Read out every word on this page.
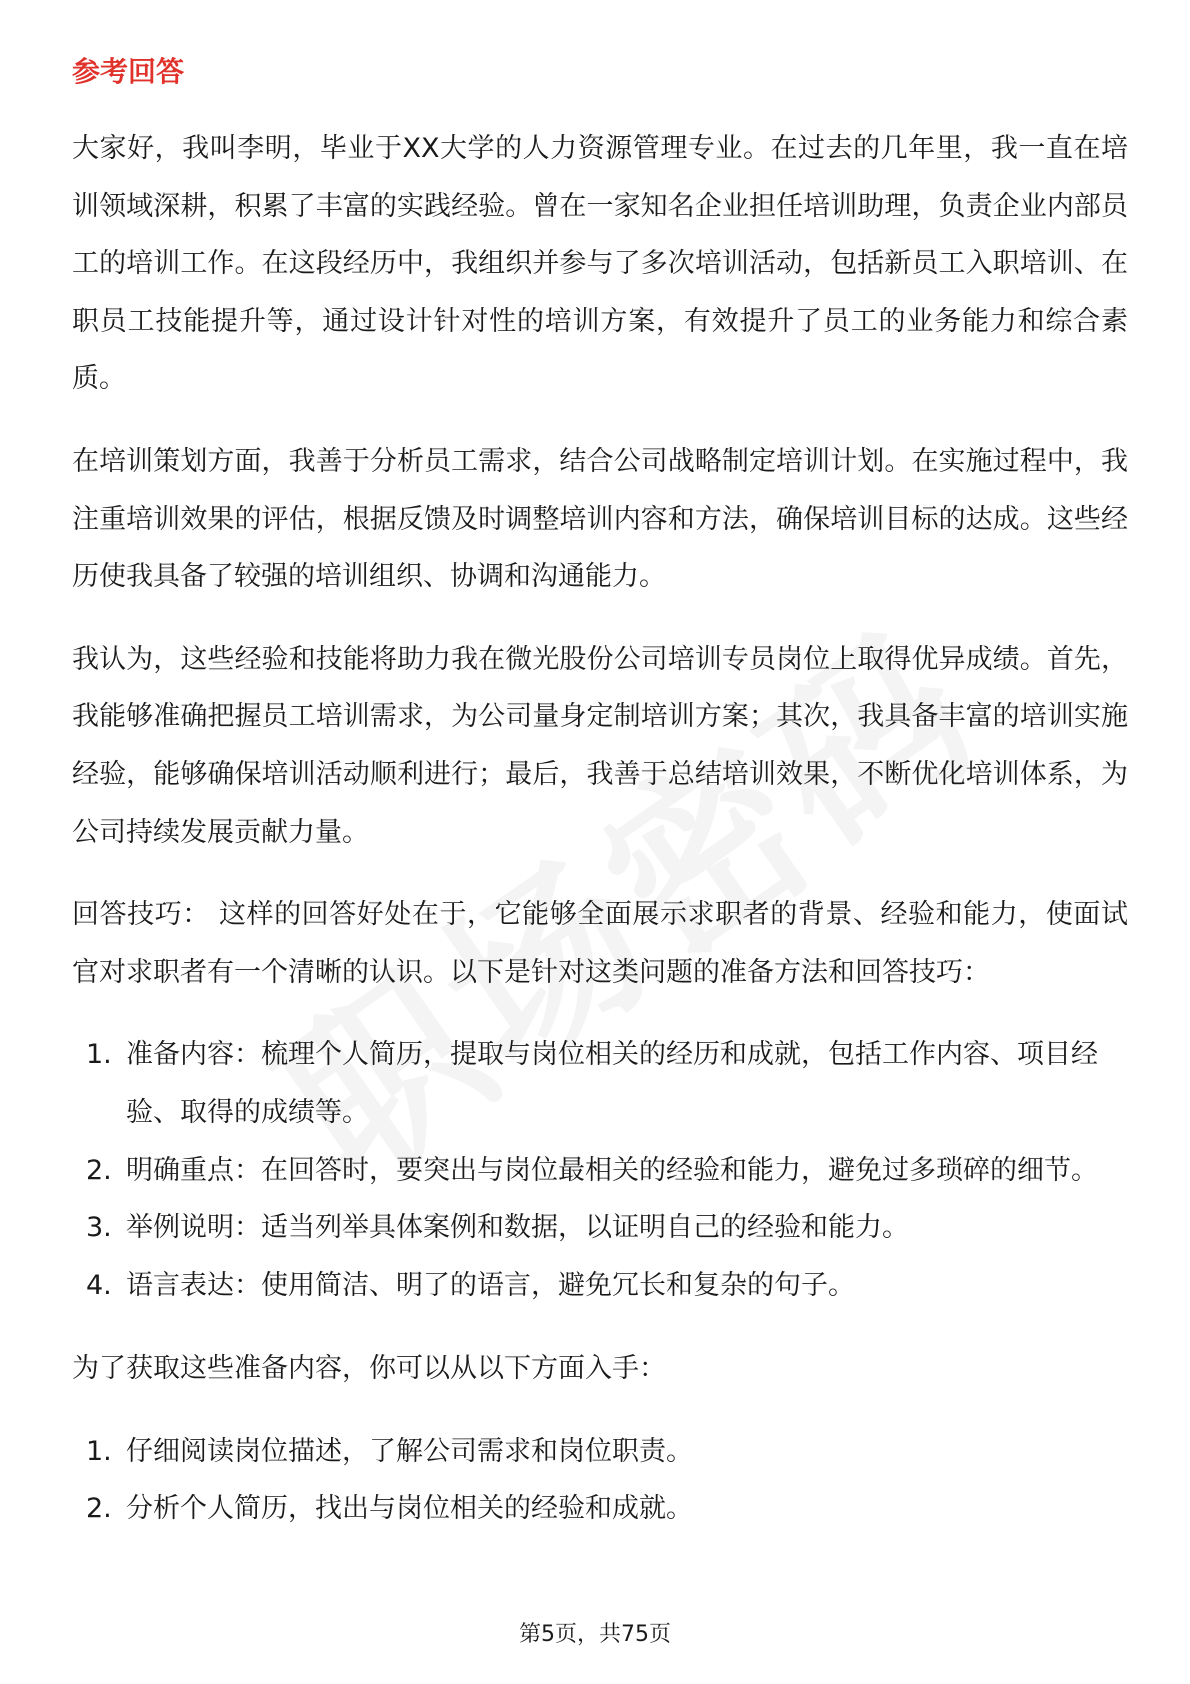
参考回答

大家好，我叫李明，毕业于XX大学的人力资源管理专业。在过去的几年里，我一直在培训领域深耕，积累了丰富的实践经验。曾在一家知名企业担任培训助理，负责企业内部员工的培训工作。在这段经历中，我组织并参与了多次培训活动，包括新员工入职培训、在职员工技能提升等，通过设计针对性的培训方案，有效提升了员工的业务能力和综合素质。

在培训策划方面，我善于分析员工需求，结合公司战略制定培训计划。在实施过程中，我注重培训效果的评估，根据反馈及时调整培训内容和方法，确保培训目标的达成。这些经历使我具备了较强的培训组织、协调和沟通能力。

我认为，这些经验和技能将助力我在微光股份公司培训专员岗位上取得优异成绩。首先，我能够准确把握员工培训需求，为公司量身定制培训方案；其次，我具备丰富的培训实施经验，能够确保培训活动顺利进行；最后，我善于总结培训效果，不断优化培训体系，为公司持续发展贡献力量。

回答技巧： 这样的回答好处在于，它能够全面展示求职者的背景、经验和能力，使面试官对求职者有一个清晰的认识。以下是针对这类问题的准备方法和回答技巧：

1. 准备内容：梳理个人简历，提取与岗位相关的经历和成就，包括工作内容、项目经验、取得的成绩等。
2. 明确重点：在回答时，要突出与岗位最相关的经验和能力，避免过多琐碎的细节。
3. 举例说明：适当列举具体案例和数据，以证明自己的经验和能力。
4. 语言表达：使用简洁、明了的语言，避免冗长和复杂的句子。

为了获取这些准备内容，你可以从以下方面入手：

1. 仔细阅读岗位描述，了解公司需求和岗位职责。
2. 分析个人简历，找出与岗位相关的经验和成就。
第5页，共75页
